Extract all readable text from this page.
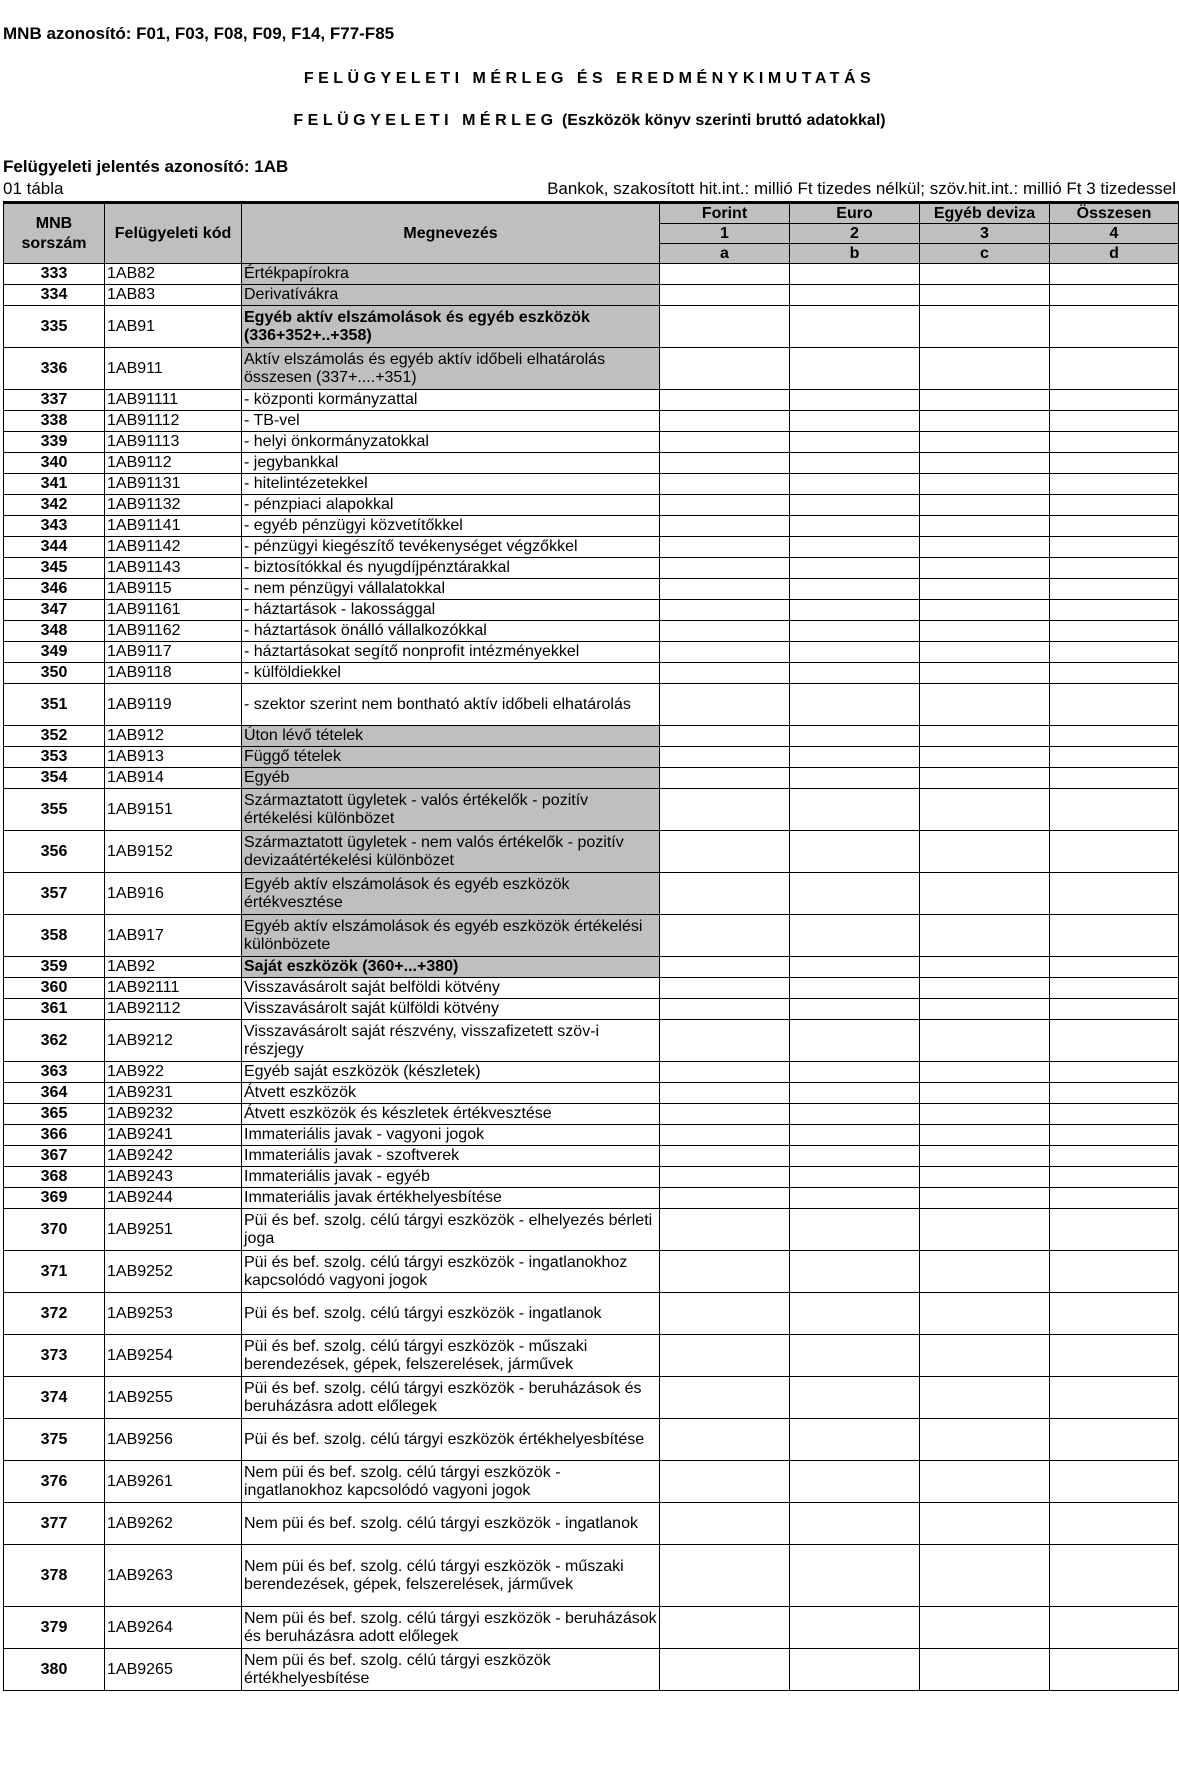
MNB azonosító: F01, F03, F08, F09, F14, F77-F85
FELÜGYELETI MÉRLEG ÉS EREDMÉNYKIMUTATÁS
FELÜGYELETI MÉRLEG (Eszközök könyv szerinti bruttó adatokkal)
Felügyeleti jelentés azonosító: 1AB
01 tábla	Bankok, szakosított hit.int.: millió Ft tizedes nélkül; szöv.hit.int.: millió Ft 3 tizedessel
MNB sorszám	Felügyeleti kód	Megnevezés	Forint	Euro	Egyéb deviza	Összesen
			1	2	3	4
			a	b	c	d
333	1AB82	Értékpapírokra				
334	1AB83	Derivatívákra				
335	1AB91	Egyéb aktív elszámolások és egyéb eszközök (336+352+..+358)				
336	1AB911	Aktív elszámolás és egyéb aktív időbeli elhatárolás összesen (337+....+351)				
337	1AB91111	- központi kormányzattal				
338	1AB91112	- TB-vel				
339	1AB91113	- helyi önkormányzatokkal				
340	1AB9112	- jegybankkal				
341	1AB91131	- hitelintézetekkel				
342	1AB91132	- pénzpiaci alapokkal				
343	1AB91141	- egyéb pénzügyi közvetítőkkel				
344	1AB91142	- pénzügyi kiegészítő tevékenységet végzőkkel				
345	1AB91143	- biztosítókkal és nyugdíjpénztárakkal				
346	1AB9115	- nem pénzügyi vállalatokkal				
347	1AB91161	- háztartások - lakossággal				
348	1AB91162	- háztartások önálló vállalkozókkal				
349	1AB9117	- háztartásokat segítő nonprofit intézményekkel				
350	1AB9118	- külföldiekkel				
351	1AB9119	- szektor szerint nem bontható aktív időbeli elhatárolás				
352	1AB912	Úton lévő tételek				
353	1AB913	Függő tételek				
354	1AB914	Egyéb				
355	1AB9151	Származtatott ügyletek - valós értékelők - pozitív értékelési különbözet				
356	1AB9152	Származtatott ügyletek - nem valós értékelők - pozitív devizaátértékelési különbözet				
357	1AB916	Egyéb aktív elszámolások és egyéb eszközök értékvesztése				
358	1AB917	Egyéb aktív elszámolások és egyéb eszközök értékelési különbözete				
359	1AB92	Saját eszközök (360+...+380)				
360	1AB92111	Visszavásárolt saját belföldi kötvény				
361	1AB92112	Visszavásárolt saját külföldi kötvény				
362	1AB9212	Visszavásárolt saját részvény, visszafizetett szöv-i részjegy				
363	1AB922	Egyéb saját eszközök (készletek)				
364	1AB9231	Átvett eszközök				
365	1AB9232	Átvett eszközök és készletek értékvesztése				
366	1AB9241	Immateriális javak - vagyoni jogok				
367	1AB9242	Immateriális javak - szoftverek				
368	1AB9243	Immateriális javak - egyéb				
369	1AB9244	Immateriális javak értékhelyesbítése				
370	1AB9251	Püi és bef. szolg. célú tárgyi eszközök - elhelyezés bérleti joga				
371	1AB9252	Püi és bef. szolg. célú tárgyi eszközök - ingatlanokhoz kapcsolódó vagyoni jogok				
372	1AB9253	Püi és bef. szolg. célú tárgyi eszközök - ingatlanok				
373	1AB9254	Püi és bef. szolg. célú tárgyi eszközök - műszaki berendezések, gépek, felszerelések, járművek				
374	1AB9255	Püi és bef. szolg. célú tárgyi eszközök - beruházások és beruházásra adott előlegek				
375	1AB9256	Püi és bef. szolg. célú tárgyi eszközök értékhelyesbítése				
376	1AB9261	Nem püi és bef. szolg. célú tárgyi eszközök - ingatlanokhoz kapcsolódó vagyoni jogok				
377	1AB9262	Nem püi és bef. szolg. célú tárgyi eszközök - ingatlanok				
378	1AB9263	Nem püi és bef. szolg. célú tárgyi eszközök - műszaki berendezések, gépek, felszerelések, járművek				
379	1AB9264	Nem püi és bef. szolg. célú tárgyi eszközök - beruházások és beruházásra adott előlegek				
380	1AB9265	Nem püi és bef. szolg. célú tárgyi eszközök értékhelyesbítése				
